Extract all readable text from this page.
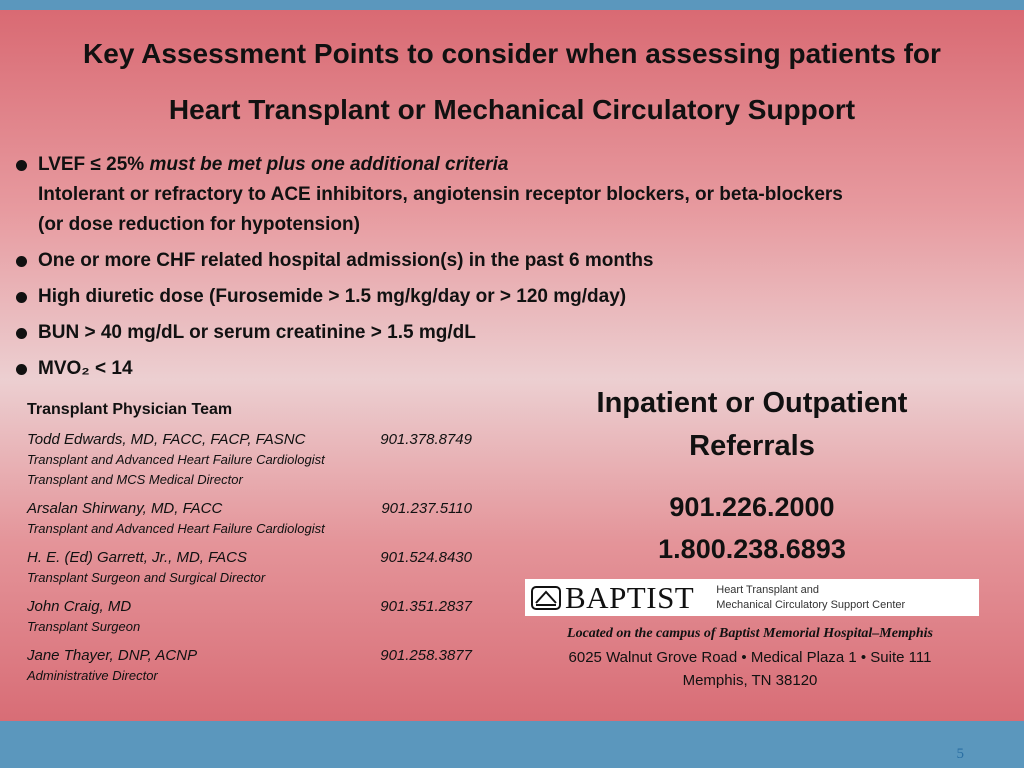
Key Assessment Points to consider when assessing patients for
Heart Transplant or Mechanical Circulatory Support
LVEF ≤ 25% must be met plus one additional criteria
Intolerant or refractory to ACE inhibitors, angiotensin receptor blockers, or beta-blockers
(or dose reduction for hypotension)
One or more CHF related hospital admission(s) in the past 6 months
High diuretic dose (Furosemide > 1.5 mg/kg/day or > 120 mg/day)
BUN > 40 mg/dL or serum creatinine > 1.5 mg/dL
MVO₂ < 14
Transplant Physician Team
Todd Edwards, MD, FACC, FACP, FASNC	901.378.8749
Transplant and Advanced Heart Failure Cardiologist
Transplant and MCS Medical Director
Arsalan Shirwany, MD, FACC	901.237.5110
Transplant and Advanced Heart Failure Cardiologist
H. E. (Ed) Garrett, Jr., MD, FACS	901.524.8430
Transplant Surgeon and Surgical Director
John Craig, MD	901.351.2837
Transplant Surgeon
Jane Thayer, DNP, ACNP	901.258.3877
Administrative Director
Inpatient or Outpatient
Referrals
901.226.2000
1.800.238.6893
BAPTIST Heart Transplant and
Mechanical Circulatory Support Center
Located on the campus of Baptist Memorial Hospital–Memphis
6025 Walnut Grove Road • Medical Plaza 1 • Suite 111
Memphis, TN 38120
5
